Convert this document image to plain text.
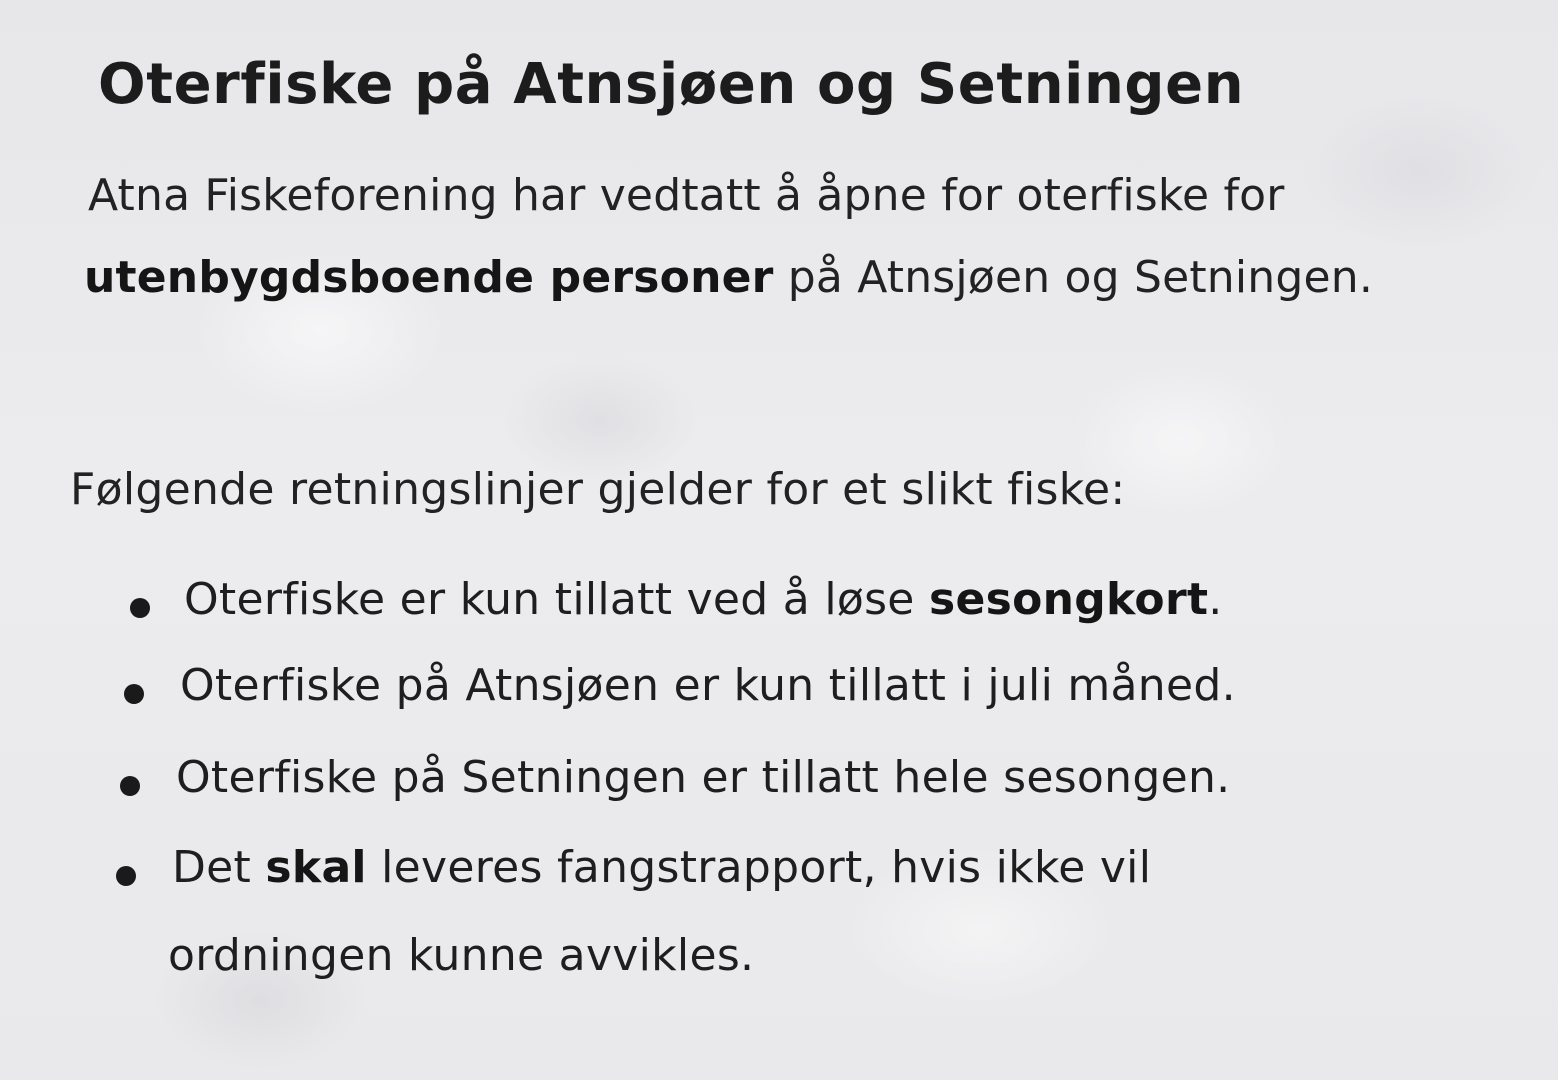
Oterfiske på Atnsjøen og Setningen
Atna Fiskeforening har vedtatt å åpne for oterfiske for
utenbygdsboende personer på Atnsjøen og Setningen.
Følgende retningslinjer gjelder for et slikt fiske:
Oterfiske er kun tillatt ved å løse sesongkort.
Oterfiske på Atnsjøen er kun tillatt i juli måned.
Oterfiske på Setningen er tillatt hele sesongen.
Det skal leveres fangstrapport, hvis ikke vil
ordningen kunne avvikles.
